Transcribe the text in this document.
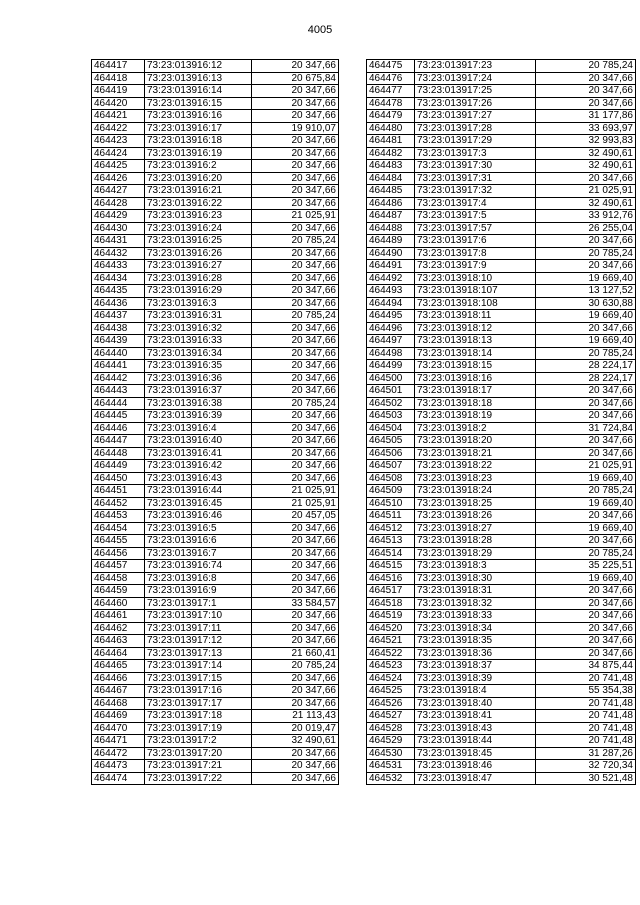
4005
464417	73:23:013916:12	20 347,66
464418	73:23:013916:13	20 675,84
464419	73:23:013916:14	20 347,66
464420	73:23:013916:15	20 347,66
464421	73:23:013916:16	20 347,66
464422	73:23:013916:17	19 910,07
464423	73:23:013916:18	20 347,66
464424	73:23:013916:19	20 347,66
464425	73:23:013916:2	20 347,66
464426	73:23:013916:20	20 347,66
464427	73:23:013916:21	20 347,66
464428	73:23:013916:22	20 347,66
464429	73:23:013916:23	21 025,91
464430	73:23:013916:24	20 347,66
464431	73:23:013916:25	20 785,24
464432	73:23:013916:26	20 347,66
464433	73:23:013916:27	20 347,66
464434	73:23:013916:28	20 347,66
464435	73:23:013916:29	20 347,66
464436	73:23:013916:3	20 347,66
464437	73:23:013916:31	20 785,24
464438	73:23:013916:32	20 347,66
464439	73:23:013916:33	20 347,66
464440	73:23:013916:34	20 347,66
464441	73:23:013916:35	20 347,66
464442	73:23:013916:36	20 347,66
464443	73:23:013916:37	20 347,66
464444	73:23:013916:38	20 785,24
464445	73:23:013916:39	20 347,66
464446	73:23:013916:4	20 347,66
464447	73:23:013916:40	20 347,66
464448	73:23:013916:41	20 347,66
464449	73:23:013916:42	20 347,66
464450	73:23:013916:43	20 347,66
464451	73:23:013916:44	21 025,91
464452	73:23:013916:45	21 025,91
464453	73:23:013916:46	20 457,05
464454	73:23:013916:5	20 347,66
464455	73:23:013916:6	20 347,66
464456	73:23:013916:7	20 347,66
464457	73:23:013916:74	20 347,66
464458	73:23:013916:8	20 347,66
464459	73:23:013916:9	20 347,66
464460	73:23:013917:1	33 584,57
464461	73:23:013917:10	20 347,66
464462	73:23:013917:11	20 347,66
464463	73:23:013917:12	20 347,66
464464	73:23:013917:13	21 660,41
464465	73:23:013917:14	20 785,24
464466	73:23:013917:15	20 347,66
464467	73:23:013917:16	20 347,66
464468	73:23:013917:17	20 347,66
464469	73:23:013917:18	21 113,43
464470	73:23:013917:19	20 019,47
464471	73:23:013917:2	32 490,61
464472	73:23:013917:20	20 347,66
464473	73:23:013917:21	20 347,66
464474	73:23:013917:22	20 347,66
464475	73:23:013917:23	20 785,24
464476	73:23:013917:24	20 347,66
464477	73:23:013917:25	20 347,66
464478	73:23:013917:26	20 347,66
464479	73:23:013917:27	31 177,86
464480	73:23:013917:28	33 693,97
464481	73:23:013917:29	32 993,83
464482	73:23:013917:3	32 490,61
464483	73:23:013917:30	32 490,61
464484	73:23:013917:31	20 347,66
464485	73:23:013917:32	21 025,91
464486	73:23:013917:4	32 490,61
464487	73:23:013917:5	33 912,76
464488	73:23:013917:57	26 255,04
464489	73:23:013917:6	20 347,66
464490	73:23:013917:8	20 785,24
464491	73:23:013917:9	20 347,66
464492	73:23:013918:10	19 669,40
464493	73:23:013918:107	13 127,52
464494	73:23:013918:108	30 630,88
464495	73:23:013918:11	19 669,40
464496	73:23:013918:12	20 347,66
464497	73:23:013918:13	19 669,40
464498	73:23:013918:14	20 785,24
464499	73:23:013918:15	28 224,17
464500	73:23:013918:16	28 224,17
464501	73:23:013918:17	20 347,66
464502	73:23:013918:18	20 347,66
464503	73:23:013918:19	20 347,66
464504	73:23:013918:2	31 724,84
464505	73:23:013918:20	20 347,66
464506	73:23:013918:21	20 347,66
464507	73:23:013918:22	21 025,91
464508	73:23:013918:23	19 669,40
464509	73:23:013918:24	20 785,24
464510	73:23:013918:25	19 669,40
464511	73:23:013918:26	20 347,66
464512	73:23:013918:27	19 669,40
464513	73:23:013918:28	20 347,66
464514	73:23:013918:29	20 785,24
464515	73:23:013918:3	35 225,51
464516	73:23:013918:30	19 669,40
464517	73:23:013918:31	20 347,66
464518	73:23:013918:32	20 347,66
464519	73:23:013918:33	20 347,66
464520	73:23:013918:34	20 347,66
464521	73:23:013918:35	20 347,66
464522	73:23:013918:36	20 347,66
464523	73:23:013918:37	34 875,44
464524	73:23:013918:39	20 741,48
464525	73:23:013918:4	55 354,38
464526	73:23:013918:40	20 741,48
464527	73:23:013918:41	20 741,48
464528	73:23:013918:43	20 741,48
464529	73:23:013918:44	20 741,48
464530	73:23:013918:45	31 287,26
464531	73:23:013918:46	32 720,34
464532	73:23:013918:47	30 521,48
